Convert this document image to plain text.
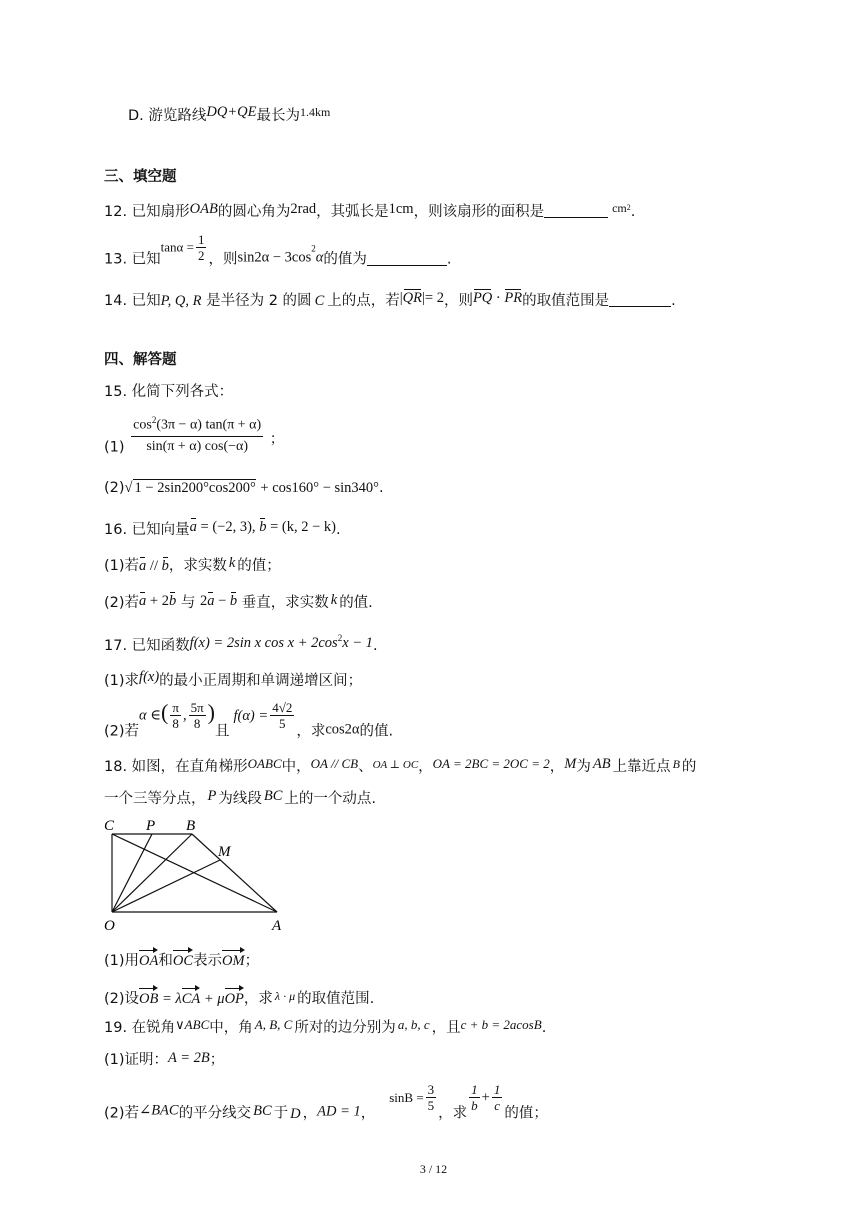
D. 游览路线DQ+QE最长为$^{1.4km}$
三、填空题
12. 已知扇形OAB的圆心角为2rad，其弧长是1cm，则该扇形的面积是	$^{cm2}$.
13. 已知$\tan\alpha = \frac{1}{2}$ ，则sin2α − 3cos2α的值为	.
14. 已知P, Q, R 是半径为 2 的圆 C 上的点，若|QR|= 2，则PQ · PR的取值范围是	.
四、解答题
15. 化简下列各式：
$(1) \frac{\cos^2(3\pi - \alpha) \tan(\pi + \alpha)}{\sin(\pi + \alpha) \cos(-\alpha)}$ ；
(2)√ 1 − 2sin200°cos200° + cos160° − sin340°.
16. 已知向量a = (−2, 3), b = (k, 2 − k).
(1)若a // b，求实数 k 的值；
(2)若a + 2b 与 2a − b 垂直，求实数 k 的值.
17. 已知函数f(x) = 2sin x $\cos x + 2\cos^2x - 1$.
(1)求f(x)的最小正周期和单调递增区间；
(2)若α ∈( $\frac{\pi}{8}$ , $\frac{5\pi}{8}$ )且$f(\alpha) = \frac{4√2}{5}$
，求cos2α的值.
18. 如图，在直角梯形OABC中，OA // CB、$^{OA \perp OC}$，OA = 2BC = 2OC = 2，M为 AB 上靠近点 $^B$ 的
一个三等分点， P 为线段 BC 上的一个动点.
C P B
M
O	A
(1)用OA和OC表示OM；
(2)设OB = λCA + μOP，求 $^{\lambda \cdot \mu}$ 的取值范围.
19. 在锐角∨ABC中，角 A, B, C 所对的边分别为 a, b, c ，且c + b = 2acosB.
(1)证明：A = 2B；
(2)若∠BAC的平分线交 BC 于 D ，AD = 1，$\sin B = \frac{3}{5}$
，求
$\frac{1}{b} + \frac{1}{c}$
的值；
3 / 12
